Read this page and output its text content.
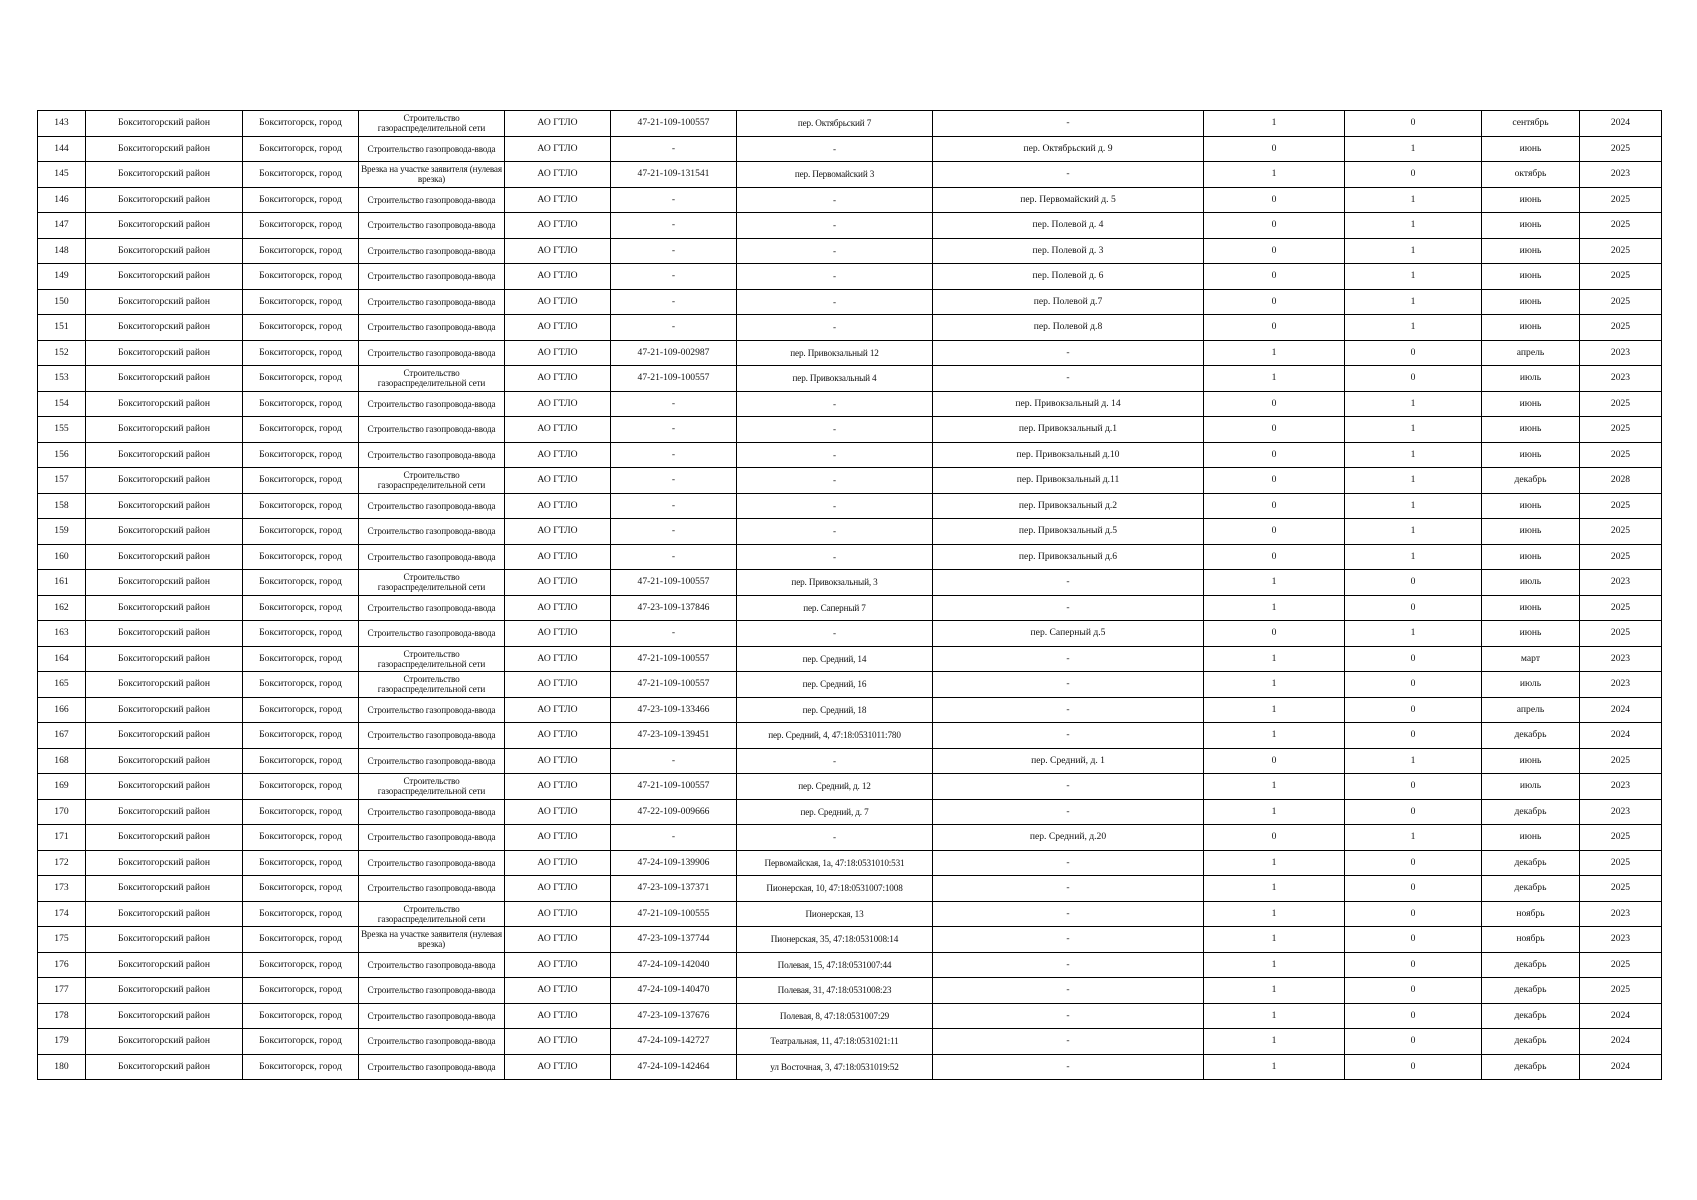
143	Бокситогорский район	Бокситогорск, город	Строительство газораспределительной сети	АО ГТЛО	47-21-109-100557	пер. Октябрьский 7	-	1	0	сентябрь	2024
144	Бокситогорский район	Бокситогорск, город	Строительство газопровода-ввода	АО ГТЛО	-	-	пер. Октябрьский д. 9	0	1	июнь	2025
145	Бокситогорский район	Бокситогорск, город	Врезка на участке заявителя (нулевая врезка)	АО ГТЛО	47-21-109-131541	пер. Первомайский 3	-	1	0	октябрь	2023
146	Бокситогорский район	Бокситогорск, город	Строительство газопровода-ввода	АО ГТЛО	-	-	пер. Первомайский д. 5	0	1	июнь	2025
147	Бокситогорский район	Бокситогорск, город	Строительство газопровода-ввода	АО ГТЛО	-	-	пер. Полевой д. 4	0	1	июнь	2025
148	Бокситогорский район	Бокситогорск, город	Строительство газопровода-ввода	АО ГТЛО	-	-	пер. Полевой д. 3	0	1	июнь	2025
149	Бокситогорский район	Бокситогорск, город	Строительство газопровода-ввода	АО ГТЛО	-	-	пер. Полевой д. 6	0	1	июнь	2025
150	Бокситогорский район	Бокситогорск, город	Строительство газопровода-ввода	АО ГТЛО	-	-	пер. Полевой д.7	0	1	июнь	2025
151	Бокситогорский район	Бокситогорск, город	Строительство газопровода-ввода	АО ГТЛО	-	-	пер. Полевой д.8	0	1	июнь	2025
152	Бокситогорский район	Бокситогорск, город	Строительство газопровода-ввода	АО ГТЛО	47-21-109-002987	пер. Привокзальный 12	-	1	0	апрель	2023
153	Бокситогорский район	Бокситогорск, город	Строительство газораспределительной сети	АО ГТЛО	47-21-109-100557	пер. Привокзальный 4	-	1	0	июль	2023
154	Бокситогорский район	Бокситогорск, город	Строительство газопровода-ввода	АО ГТЛО	-	-	пер. Привокзальный д. 14	0	1	июнь	2025
155	Бокситогорский район	Бокситогорск, город	Строительство газопровода-ввода	АО ГТЛО	-	-	пер. Привокзальный д.1	0	1	июнь	2025
156	Бокситогорский район	Бокситогорск, город	Строительство газопровода-ввода	АО ГТЛО	-	-	пер. Привокзальный д.10	0	1	июнь	2025
157	Бокситогорский район	Бокситогорск, город	Строительство газораспределительной сети	АО ГТЛО	-	-	пер. Привокзальный д.11	0	1	декабрь	2028
158	Бокситогорский район	Бокситогорск, город	Строительство газопровода-ввода	АО ГТЛО	-	-	пер. Привокзальный д.2	0	1	июнь	2025
159	Бокситогорский район	Бокситогорск, город	Строительство газопровода-ввода	АО ГТЛО	-	-	пер. Привокзальный д.5	0	1	июнь	2025
160	Бокситогорский район	Бокситогорск, город	Строительство газопровода-ввода	АО ГТЛО	-	-	пер. Привокзальный д.6	0	1	июнь	2025
161	Бокситогорский район	Бокситогорск, город	Строительство газораспределительной сети	АО ГТЛО	47-21-109-100557	пер. Привокзальный, 3	-	1	0	июль	2023
162	Бокситогорский район	Бокситогорск, город	Строительство газопровода-ввода	АО ГТЛО	47-23-109-137846	пер. Саперный 7	-	1	0	июнь	2025
163	Бокситогорский район	Бокситогорск, город	Строительство газопровода-ввода	АО ГТЛО	-	-	пер. Саперный д.5	0	1	июнь	2025
164	Бокситогорский район	Бокситогорск, город	Строительство газораспределительной сети	АО ГТЛО	47-21-109-100557	пер. Средний, 14	-	1	0	март	2023
165	Бокситогорский район	Бокситогорск, город	Строительство газораспределительной сети	АО ГТЛО	47-21-109-100557	пер. Средний, 16	-	1	0	июль	2023
166	Бокситогорский район	Бокситогорск, город	Строительство газопровода-ввода	АО ГТЛО	47-23-109-133466	пер. Средний, 18	-	1	0	апрель	2024
167	Бокситогорский район	Бокситогорск, город	Строительство газопровода-ввода	АО ГТЛО	47-23-109-139451	пер. Средний, 4, 47:18:0531011:780	-	1	0	декабрь	2024
168	Бокситогорский район	Бокситогорск, город	Строительство газопровода-ввода	АО ГТЛО	-	-	пер. Средний, д. 1	0	1	июнь	2025
169	Бокситогорский район	Бокситогорск, город	Строительство газораспределительной сети	АО ГТЛО	47-21-109-100557	пер. Средний, д. 12	-	1	0	июль	2023
170	Бокситогорский район	Бокситогорск, город	Строительство газопровода-ввода	АО ГТЛО	47-22-109-009666	пер. Средний, д. 7	-	1	0	декабрь	2023
171	Бокситогорский район	Бокситогорск, город	Строительство газопровода-ввода	АО ГТЛО	-	-	пер. Средний, д.20	0	1	июнь	2025
172	Бокситогорский район	Бокситогорск, город	Строительство газопровода-ввода	АО ГТЛО	47-24-109-139906	Первомайская, 1а, 47:18:0531010:531	-	1	0	декабрь	2025
173	Бокситогорский район	Бокситогорск, город	Строительство газопровода-ввода	АО ГТЛО	47-23-109-137371	Пионерская, 10, 47:18:0531007:1008	-	1	0	декабрь	2025
174	Бокситогорский район	Бокситогорск, город	Строительство газораспределительной сети	АО ГТЛО	47-21-109-100555	Пионерская, 13	-	1	0	ноябрь	2023
175	Бокситогорский район	Бокситогорск, город	Врезка на участке заявителя (нулевая врезка)	АО ГТЛО	47-23-109-137744	Пионерская, 35, 47:18:0531008:14	-	1	0	ноябрь	2023
176	Бокситогорский район	Бокситогорск, город	Строительство газопровода-ввода	АО ГТЛО	47-24-109-142040	Полевая, 15, 47:18:0531007:44	-	1	0	декабрь	2025
177	Бокситогорский район	Бокситогорск, город	Строительство газопровода-ввода	АО ГТЛО	47-24-109-140470	Полевая, 31, 47:18:0531008:23	-	1	0	декабрь	2025
178	Бокситогорский район	Бокситогорск, город	Строительство газопровода-ввода	АО ГТЛО	47-23-109-137676	Полевая, 8, 47:18:0531007:29	-	1	0	декабрь	2024
179	Бокситогорский район	Бокситогорск, город	Строительство газопровода-ввода	АО ГТЛО	47-24-109-142727	Театральная, 11, 47:18:0531021:11	-	1	0	декабрь	2024
180	Бокситогорский район	Бокситогорск, город	Строительство газопровода-ввода	АО ГТЛО	47-24-109-142464	ул Восточная, 3, 47:18:0531019:52	-	1	0	декабрь	2024
